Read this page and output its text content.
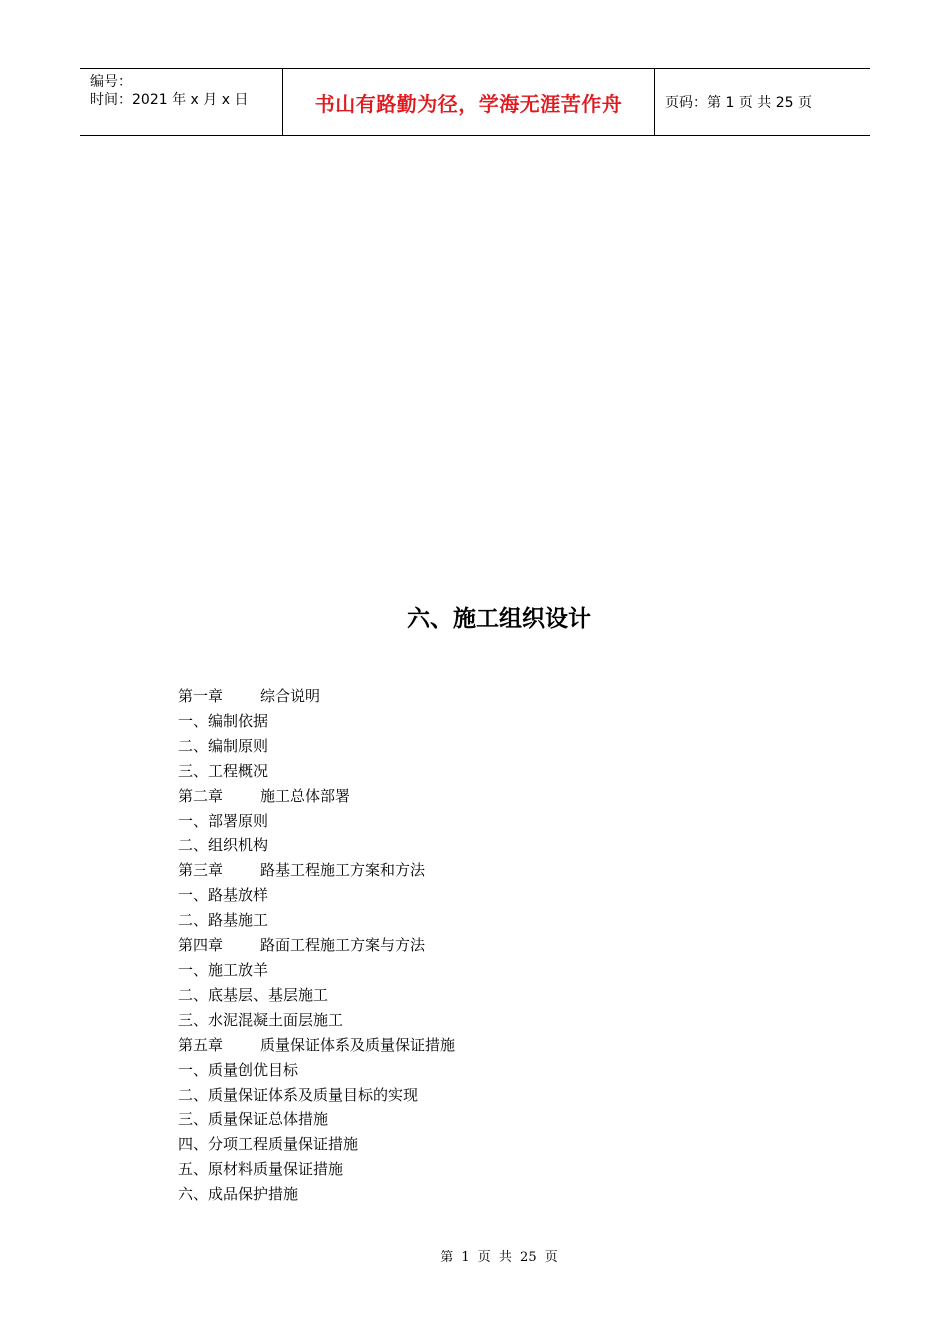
编号：
时间：2021 年 x 月 x 日	书山有路勤为径，学海无涯苦作舟	页码：第 1 页 共 25 页
六、施工组织设计
第一章 综合说明
一、编制依据
二、编制原则
三、工程概况
第二章 施工总体部署
一、部署原则
二、组织机构
第三章 路基工程施工方案和方法
一、路基放样
二、路基施工
第四章 路面工程施工方案与方法
一、施工放羊
二、底基层、基层施工
三、水泥混凝土面层施工
第五章 质量保证体系及质量保证措施
一、质量创优目标
二、质量保证体系及质量目标的实现
三、质量保证总体措施
四、分项工程质量保证措施
五、原材料质量保证措施
六、成品保护措施
第 1 页 共 25 页
